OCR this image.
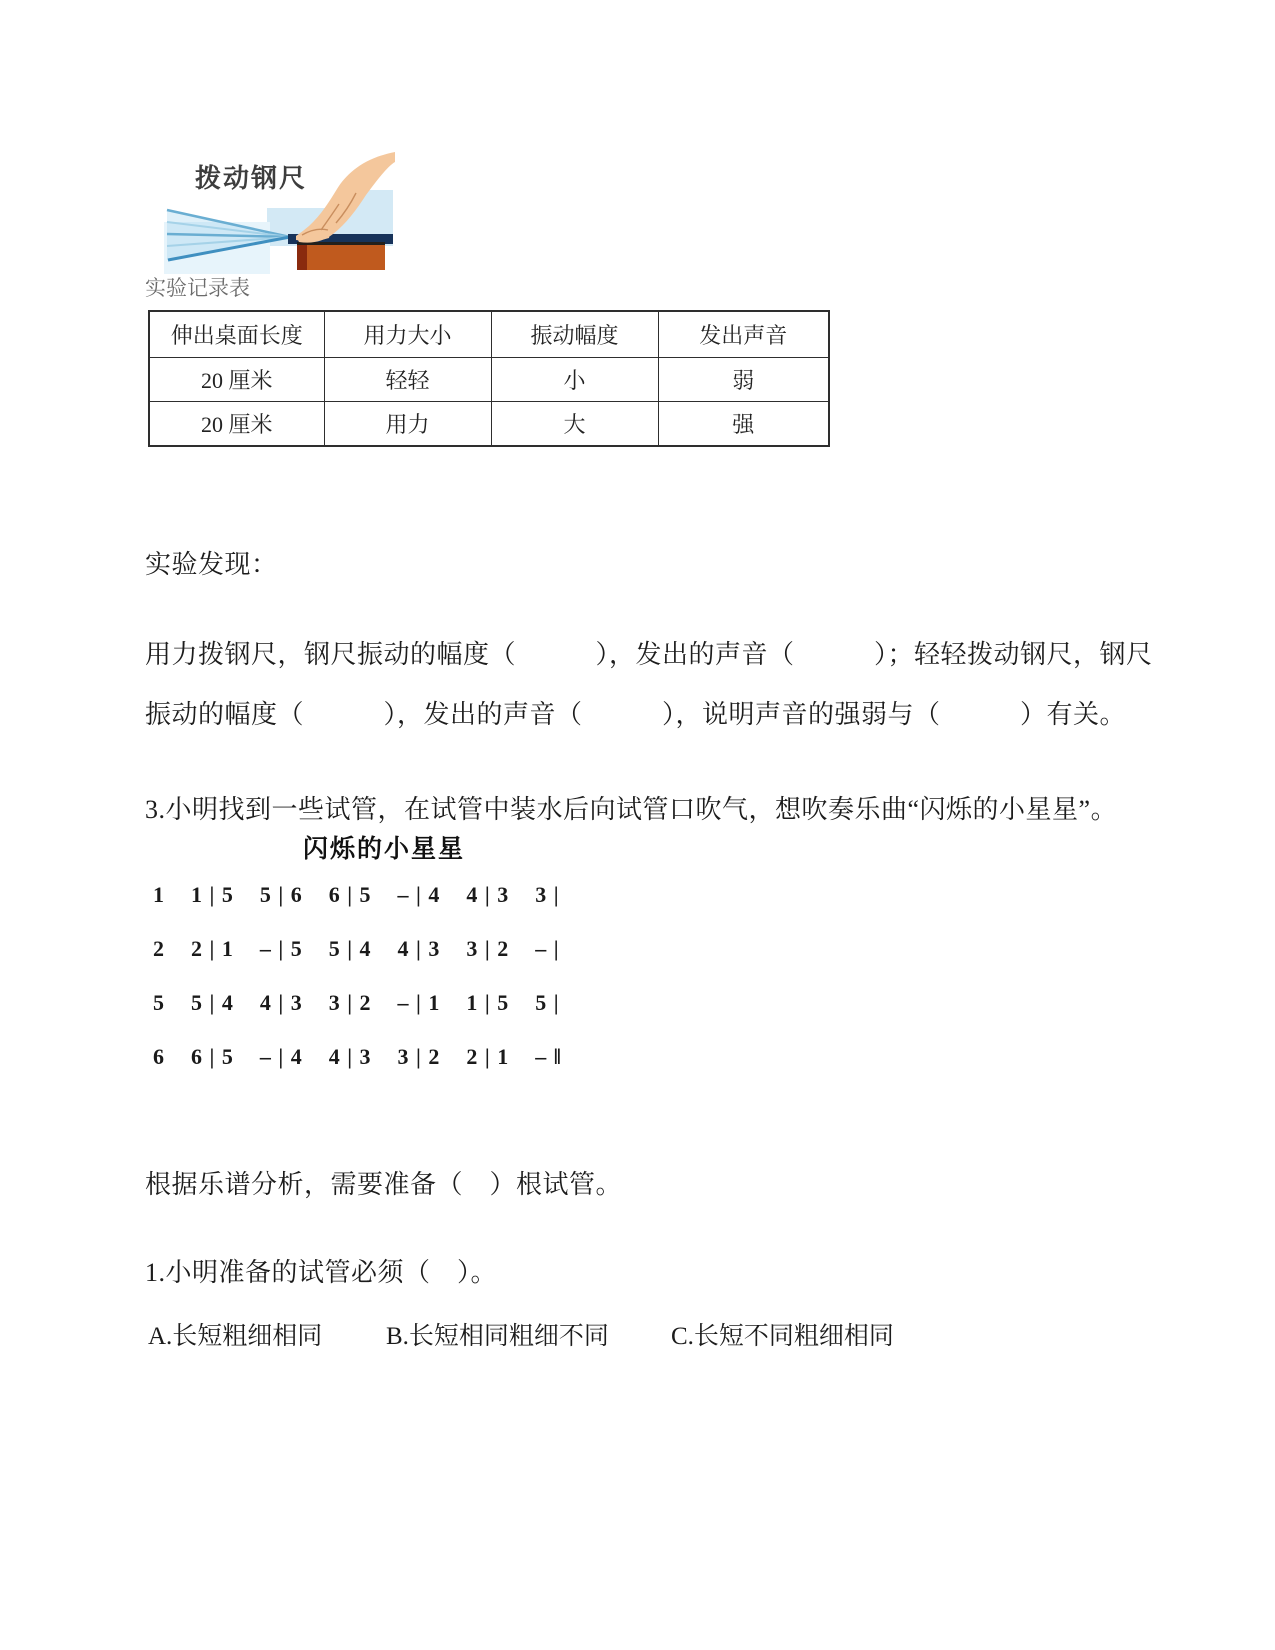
拨动钢尺
实验记录表
伸出桌面长度	用力大小	振动幅度	发出声音
20 厘米	轻轻	小	弱
20 厘米	用力	大	强

实验发现：

用力拨钢尺，钢尺振动的幅度（　　　），发出的声音（　　　）；轻轻拨动钢尺，钢尺

振动的幅度（　　　），发出的声音（　　　），说明声音的强弱与（　　　）有关。

3.小明找到一些试管，在试管中装水后向试管口吹气，想吹奏乐曲“闪烁的小星星”。

闪烁的小星星
1    1 | 5    5 | 6    6 | 5    – | 4    4 | 3    3 |
2    2 | 1    – | 5    5 | 4    4 | 3    3 | 2    – |
5    5 | 4    4 | 3    3 | 2    – | 1    1 | 5    5 |
6    6 | 5    – | 4    4 | 3    3 | 2    2 | 1    – ‖

根据乐谱分析，需要准备（　）根试管。

1.小明准备的试管必须（　）。

A.长短粗细相同	B.长短相同粗细不同 C.长短不同粗细相同
